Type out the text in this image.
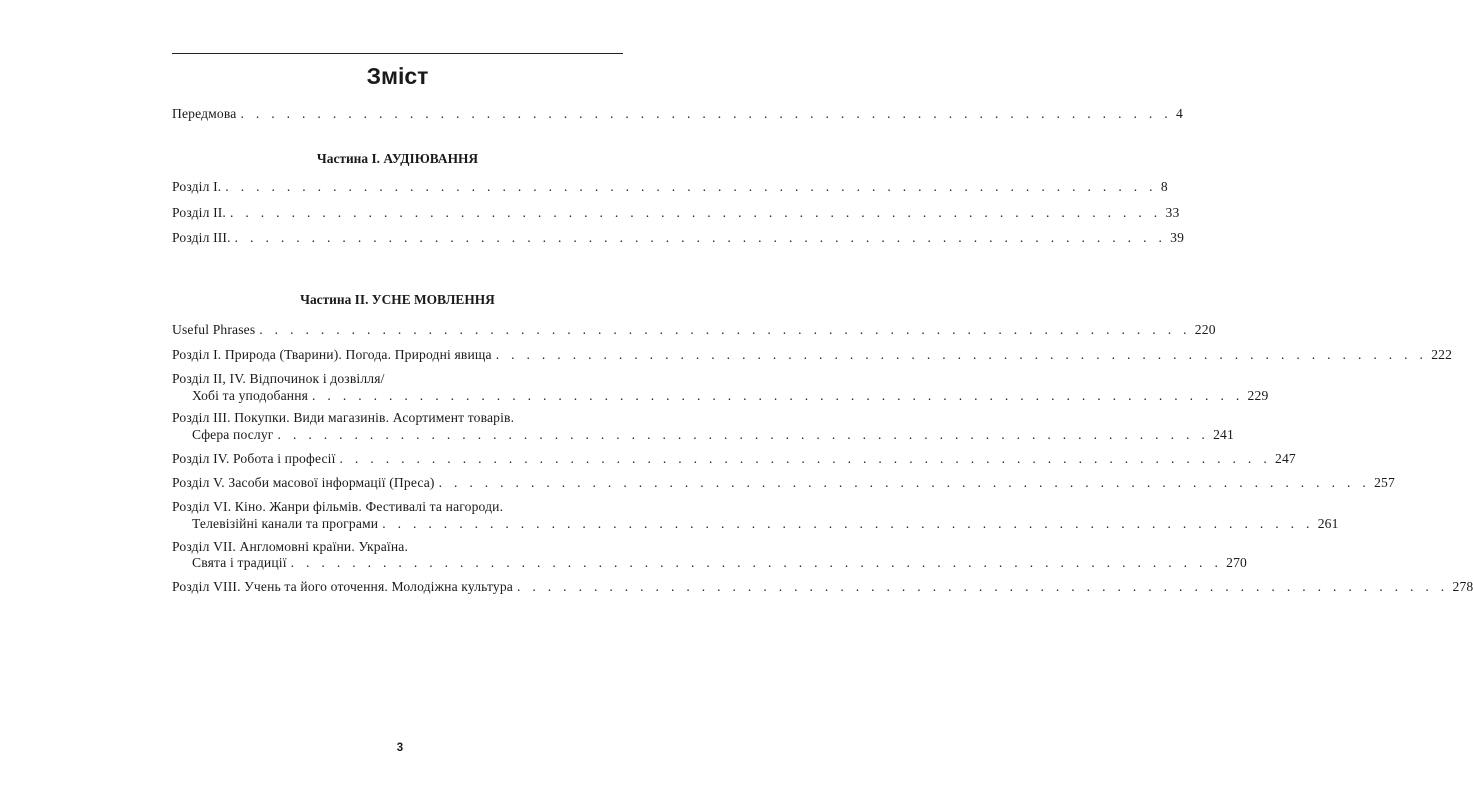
Зміст
Передмова . . . . . . . . . . . . . . . . . . . . . . . . . . . . . . . . . . . . . . . . . . . . . . . . . . . . . . . . . . . . . 4
Частина I. АУДІЮВАННЯ
Розділ I. . . . . . . . . . . . . . . . . . . . . . . . . . . . . . . . . . . . . . . . . . . . . . . . . . . . . . . . . . . . . . 8
Розділ II. . . . . . . . . . . . . . . . . . . . . . . . . . . . . . . . . . . . . . . . . . . . . . . . . . . . . . . . . . . . . . 33
Розділ III. . . . . . . . . . . . . . . . . . . . . . . . . . . . . . . . . . . . . . . . . . . . . . . . . . . . . . . . . . . . . . 39
Частина II. УСНЕ МОВЛЕННЯ
Useful Phrases . . . . . . . . . . . . . . . . . . . . . . . . . . . . . . . . . . . . . . . . . . . . . . . . . . . . . . . . . . . . . 220
Розділ I. Природа (Тварини). Погода. Природні явища . . . . . . . . . . . . . . . . . . . . . . . . . . . . . . . . . . . . . . . . . . . . . . . . . . . . . . . . . . . . . 222
Розділ II, IV. Відпочинок і дозвілля/
Хобі та уподобання . . . . . . . . . . . . . . . . . . . . . . . . . . . . . . . . . . . . . . . . . . . . . . . . . . . . . . . . . . . . . 229
Розділ III. Покупки. Види магазинів. Асортимент товарів.
Сфера послуг . . . . . . . . . . . . . . . . . . . . . . . . . . . . . . . . . . . . . . . . . . . . . . . . . . . . . . . . . . . . . 241
Розділ IV. Робота і професії . . . . . . . . . . . . . . . . . . . . . . . . . . . . . . . . . . . . . . . . . . . . . . . . . . . . . . . . . . . . . 247
Розділ V. Засоби масової інформації (Преса) . . . . . . . . . . . . . . . . . . . . . . . . . . . . . . . . . . . . . . . . . . . . . . . . . . . . . . . . . . . . . 257
Розділ VI. Кіно. Жанри фільмів. Фестивалі та нагороди.
Телевізійні канали та програми . . . . . . . . . . . . . . . . . . . . . . . . . . . . . . . . . . . . . . . . . . . . . . . . . . . . . . . . . . . . . 261
Розділ VII. Англомовні країни. Україна.
Свята і традиції . . . . . . . . . . . . . . . . . . . . . . . . . . . . . . . . . . . . . . . . . . . . . . . . . . . . . . . . . . . . . 270
Розділ VIII. Учень та його оточення. Молодіжна культура . . . . . . . . . . . . . . . . . . . . . . . . . . . . . . . . . . . . . . . . . . . . . . . . . . . . . . . . . . . . . 278
3
